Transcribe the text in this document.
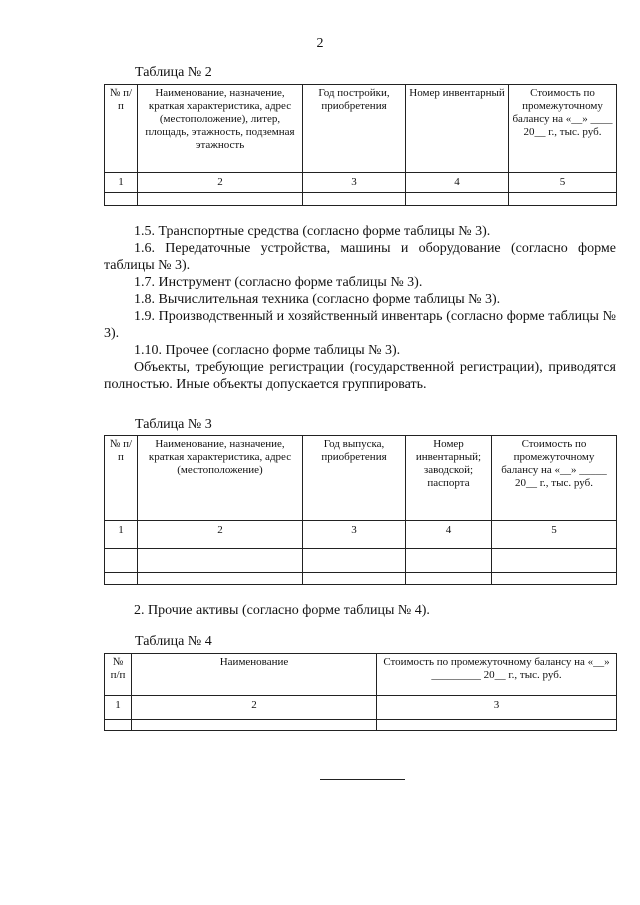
2
Таблица № 2
№ п/п	Наименование, назначение, краткая характеристика, адрес (местоположение), литер, площадь, этажность, подземная этажность	Год постройки, приобретения	Номер инвентарный	Стоимость по промежуточному балансу на «__» ____ 20__ г., тыс. руб.
1	2	3	4	5

1.5. Транспортные средства (согласно форме таблицы № 3).

1.6. Передаточные устройства, машины и оборудование (согласно форме таблицы № 3).

1.7. Инструмент (согласно форме таблицы № 3).

1.8. Вычислительная техника (согласно форме таблицы № 3).

1.9. Производственный и хозяйственный инвентарь (согласно форме таблицы № 3).

1.10. Прочее (согласно форме таблицы № 3).

Объекты, требующие регистрации (государственной регистрации), приводятся полностью. Иные объекты допускается группировать.

Таблица № 3
№ п/п	Наименование, назначение, краткая характеристика, адрес (местоположение)	Год выпуска, приобретения	Номер инвентарный; заводской; паспорта	Стоимость по промежуточному балансу на «__» _____ 20__ г., тыс. руб.
1	2	3	4	5

2. Прочие активы (согласно форме таблицы № 4).
Таблица № 4
№ п/п	Наименование	Стоимость по промежуточному балансу на «__» _________ 20__ г., тыс. руб.
1	2	3
